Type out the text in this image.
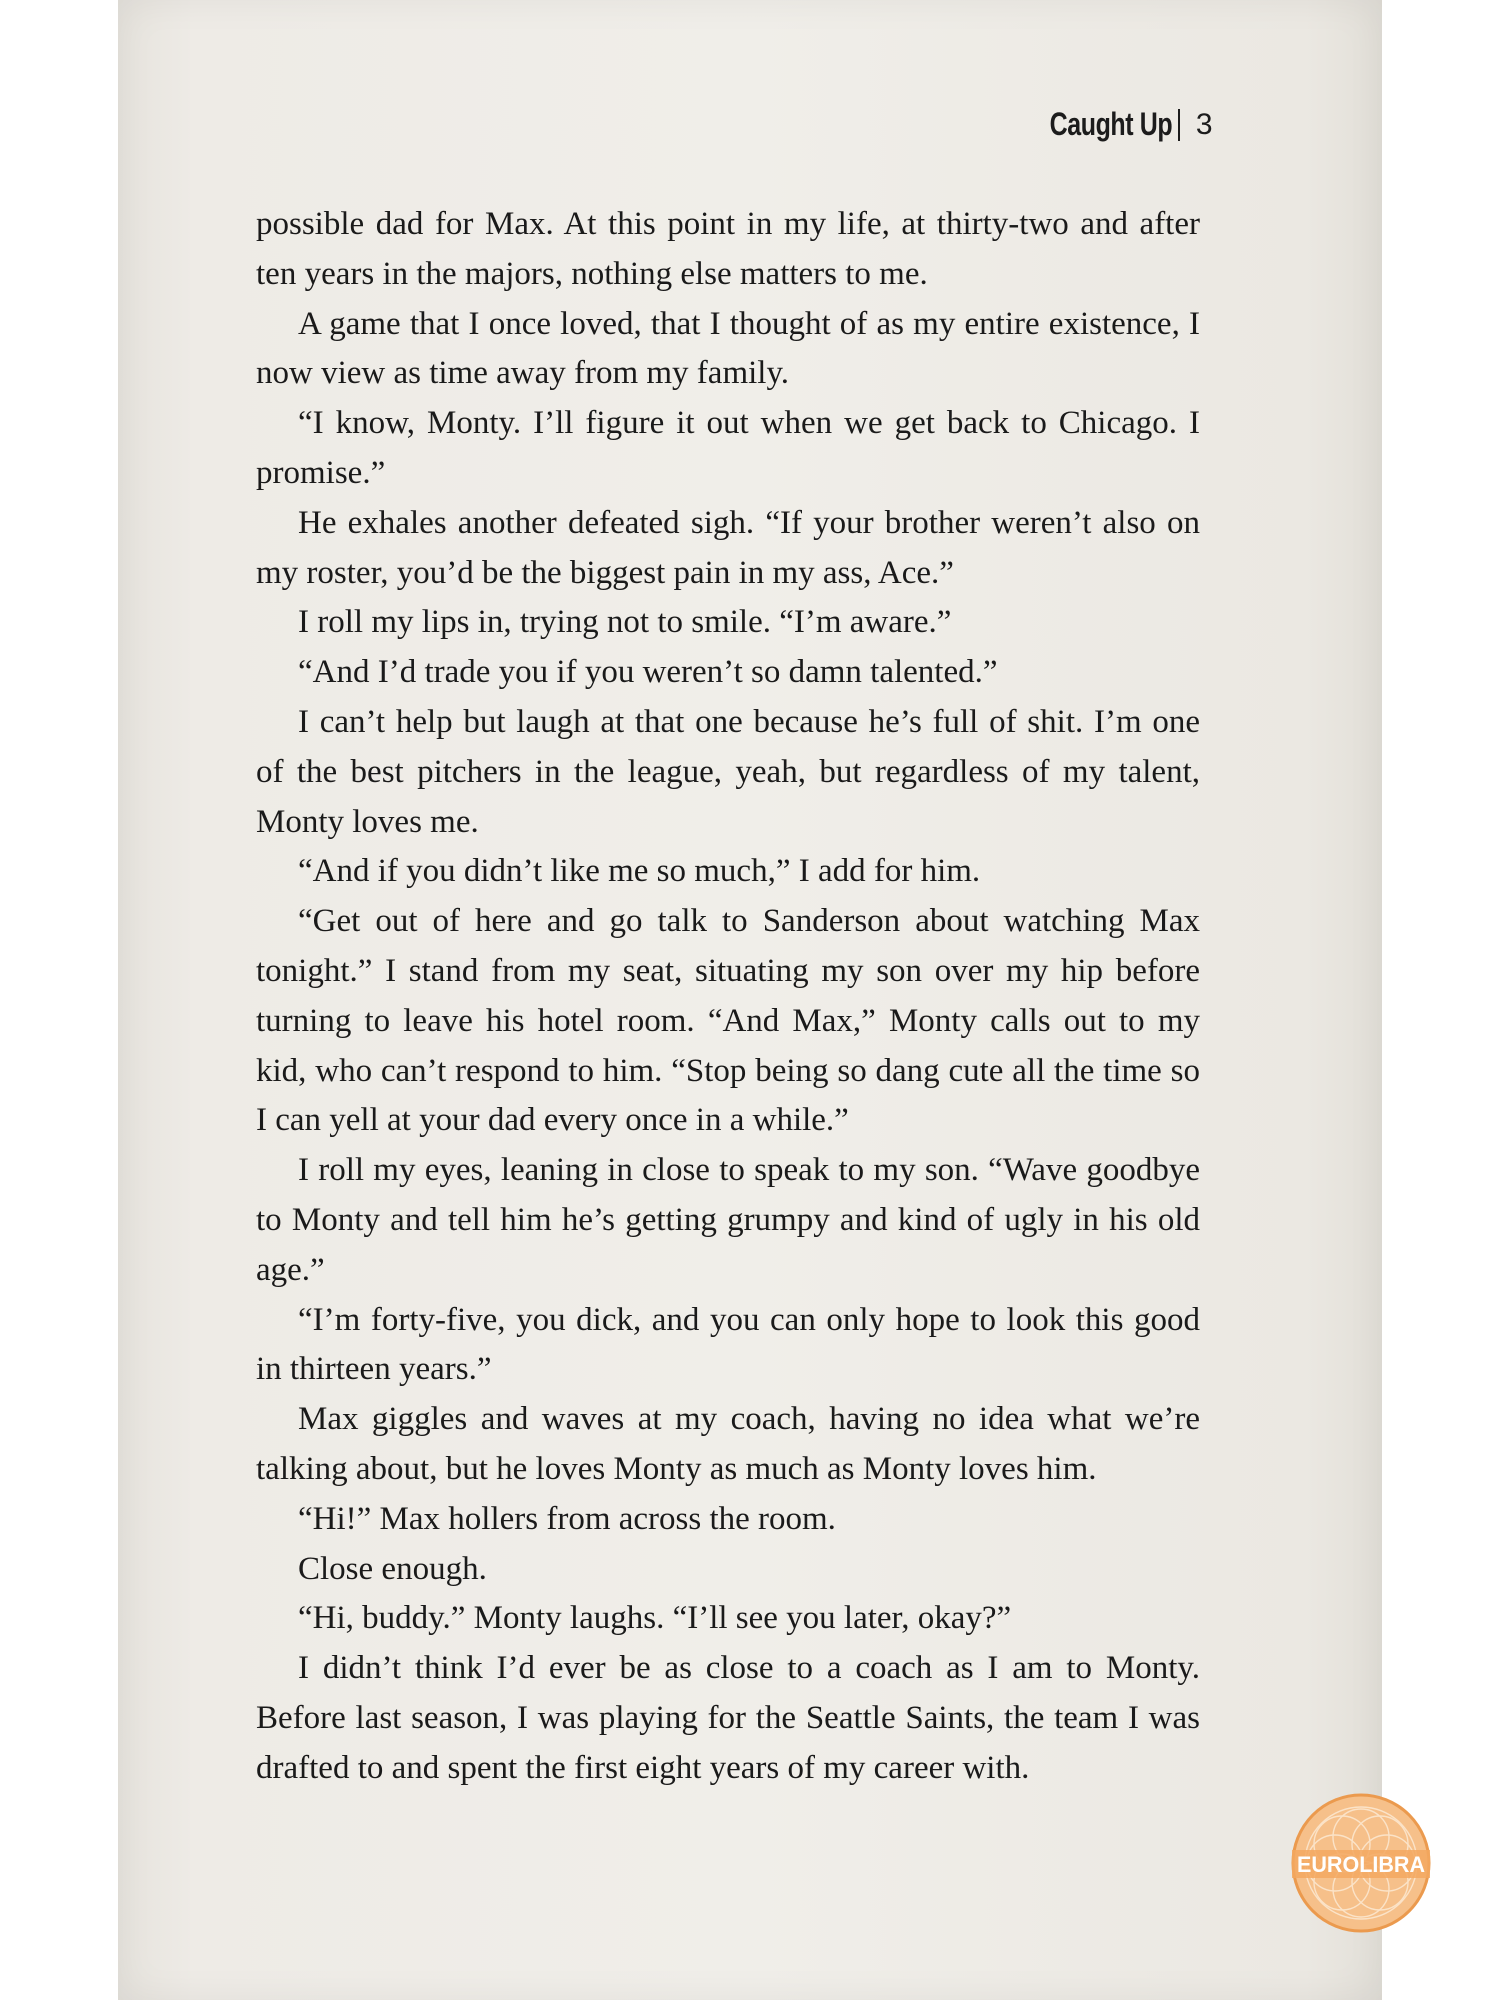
Caught Up 3

possible dad for Max. At this point in my life, at thirty-two and after ten years in the majors, nothing else matters to me.

A game that I once loved, that I thought of as my entire existence, I now view as time away from my family.

“I know, Monty. I’ll figure it out when we get back to Chicago. I promise.”

He exhales another defeated sigh. “If your brother weren’t also on my roster, you’d be the biggest pain in my ass, Ace.”

I roll my lips in, trying not to smile. “I’m aware.”

“And I’d trade you if you weren’t so damn talented.”

I can’t help but laugh at that one because he’s full of shit. I’m one of the best pitchers in the league, yeah, but regardless of my talent, Monty loves me.

“And if you didn’t like me so much,” I add for him.

“Get out of here and go talk to Sanderson about watching Max tonight.” I stand from my seat, situating my son over my hip before turning to leave his hotel room. “And Max,” Monty calls out to my kid, who can’t respond to him. “Stop being so dang cute all the time so I can yell at your dad every once in a while.”

I roll my eyes, leaning in close to speak to my son. “Wave goodbye to Monty and tell him he’s getting grumpy and kind of ugly in his old age.”

“I’m forty-five, you dick, and you can only hope to look this good in thirteen years.”

Max giggles and waves at my coach, having no idea what we’re talking about, but he loves Monty as much as Monty loves him.

“Hi!” Max hollers from across the room.

Close enough.

“Hi, buddy.” Monty laughs. “I’ll see you later, okay?”

I didn’t think I’d ever be as close to a coach as I am to Monty. Before last season, I was playing for the Seattle Saints, the team I was drafted to and spent the first eight years of my career with.

EUROLIBRA
